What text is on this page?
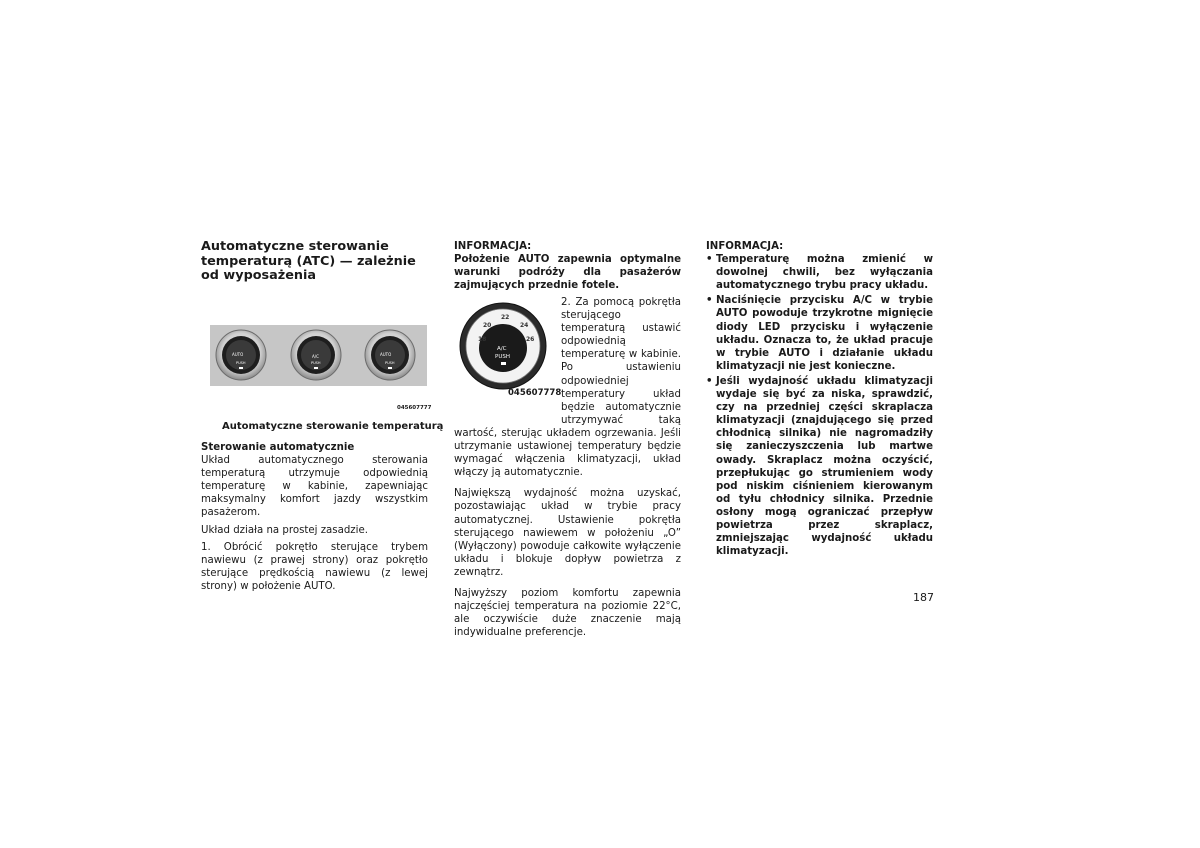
Automatyczne sterowanie temperaturą (ATC) — zależnie od wyposażenia
AUTO
PUSH
A/C
PUSH
AUTO
PUSH
045607777
Automatyczne sterowanie temperaturą
Sterowanie automatycznie

Układ automatycznego sterowania temperaturą utrzymuje odpowiednią temperaturę w kabinie, zapewniając maksymalny komfort jazdy wszystkim pasażerom.

Układ działa na prostej zasadzie.

1. Obrócić pokrętło sterujące trybem nawiewu (z prawej strony) oraz pokrętło sterujące prędkością nawiewu (z lewej strony) w położenie AUTO.

INFORMACJA:

Położenie AUTO zapewnia optymalne warunki podróży dla pasażerów zajmujących przednie fotele.

18
20
22
24
26
A/C
PUSH
045607778

2. Za pomocą pokrętła sterującego temperaturą ustawić odpowiednią temperaturę w kabinie. Po ustawieniu odpowiedniej temperatury układ będzie automatycznie utrzymywać taką wartość, sterując układem ogrzewania. Jeśli utrzymanie ustawionej temperatury będzie wymagać włączenia klimatyzacji, układ włączy ją automatycznie.

Największą wydajność można uzyskać, pozostawiając układ w trybie pracy automatycznej. Ustawienie pokrętła sterującego nawiewem w położeniu „O” (Wyłączony) powoduje całkowite wyłączenie układu i blokuje dopływ powietrza z zewnątrz.

Najwyższy poziom komfortu zapewnia najczęściej temperatura na poziomie 22°C, ale oczywiście duże znaczenie mają indywidualne preferencje.

INFORMACJA:
• Temperaturę można zmienić w dowolnej chwili, bez wyłączania automatycznego trybu pracy układu.
• Naciśnięcie przycisku A/C w trybie AUTO powoduje trzykrotne mignięcie diody LED przycisku i wyłączenie układu. Oznacza to, że układ pracuje w trybie AUTO i działanie układu klimatyzacji nie jest konieczne.
• Jeśli wydajność układu klimatyzacji wydaje się być za niska, sprawdzić, czy na przedniej części skraplacza klimatyzacji (znajdującego się przed chłodnicą silnika) nie nagromadziły się zanieczyszczenia lub martwe owady. Skraplacz można oczyścić, przepłukując go strumieniem wody pod niskim ciśnieniem kierowanym od tyłu chłodnicy silnika. Przednie osłony mogą ograniczać przepływ powietrza przez skraplacz, zmniejszając wydajność układu klimatyzacji.
187
